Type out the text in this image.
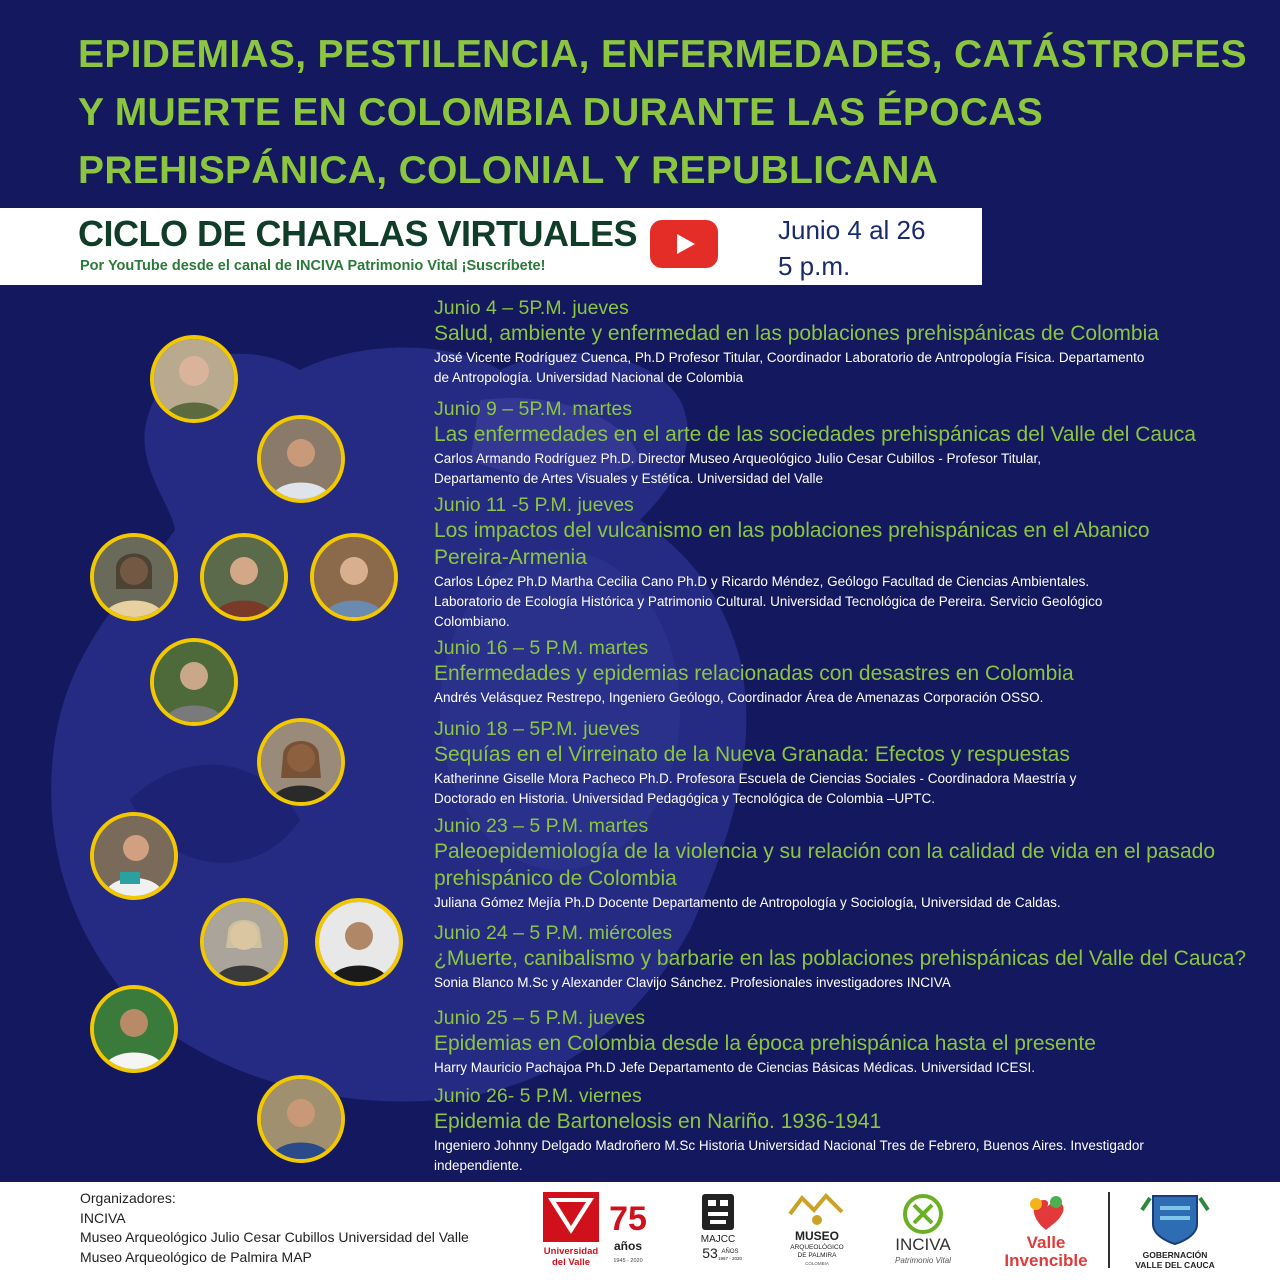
EPIDEMIAS, PESTILENCIA, ENFERMEDADES, CATÁSTROFES
Y MUERTE EN COLOMBIA DURANTE LAS ÉPOCAS
PREHISPÁNICA, COLONIAL Y REPUBLICANA
CICLO DE CHARLAS VIRTUALES
Por YouTube desde el canal de INCIVA Patrimonio Vital ¡Suscríbete!
Junio 4 al 26
5 p.m.
Junio 4 – 5P.M. jueves
Salud, ambiente y enfermedad en las poblaciones prehispánicas de Colombia
José Vicente Rodríguez Cuenca, Ph.D Profesor Titular, Coordinador Laboratorio de Antropología Física. Departamento de Antropología. Universidad Nacional de Colombia
Junio 9 – 5P.M. martes
Las enfermedades en el arte de las sociedades prehispánicas del Valle del Cauca
Carlos Armando Rodríguez Ph.D. Director Museo Arqueológico Julio Cesar Cubillos - Profesor Titular, Departamento de Artes Visuales y Estética. Universidad del Valle
Junio 11 -5 P.M. jueves
Los impactos del vulcanismo en las poblaciones prehispánicas en el Abanico Pereira-Armenia
Carlos López Ph.D Martha Cecilia Cano Ph.D y Ricardo Méndez, Geólogo Facultad de Ciencias Ambientales. Laboratorio de Ecología Histórica y Patrimonio Cultural. Universidad Tecnológica de Pereira. Servicio Geológico Colombiano.
Junio 16 – 5 P.M. martes
Enfermedades y epidemias relacionadas con desastres en Colombia
Andrés Velásquez Restrepo, Ingeniero Geólogo, Coordinador Área de Amenazas Corporación OSSO.
Junio 18 – 5P.M. jueves
Sequías en el Virreinato de la Nueva Granada: Efectos y respuestas
Katherinne Giselle Mora Pacheco Ph.D. Profesora Escuela de Ciencias Sociales - Coordinadora Maestría y Doctorado en Historia. Universidad Pedagógica y Tecnológica de Colombia –UPTC.
Junio 23 – 5 P.M. martes
Paleoepidemiología de la violencia y su relación con la calidad de vida en el pasado prehispánico de Colombia
Juliana Gómez Mejía Ph.D Docente Departamento de Antropología y Sociología, Universidad de Caldas.
Junio 24 – 5 P.M. miércoles
¿Muerte, canibalismo y barbarie en las poblaciones prehispánicas del Valle del Cauca?
Sonia Blanco M.Sc y Alexander Clavijo Sánchez. Profesionales investigadores INCIVA
Junio 25 – 5 P.M. jueves
Epidemias en Colombia desde la época prehispánica hasta el presente
Harry Mauricio Pachajoa Ph.D Jefe Departamento de Ciencias Básicas Médicas. Universidad ICESI.
Junio 26- 5 P.M. viernes
Epidemia de Bartonelosis en Nariño. 1936-1941
Ingeniero Johnny Delgado Madroñero M.Sc Historia Universidad Nacional Tres de Febrero, Buenos Aires. Investigador independiente.
Organizadores:
INCIVA
Museo Arqueológico Julio Cesar Cubillos Universidad del Valle
Museo Arqueológico de Palmira MAP	Universidad
del Valle
75
años
1945 - 2020
MAJCC
53 AÑOS
1967 - 2020
MUSEO
ARQUEOLÓGICO
DE PALMIRA
COLOMBIA
INCIVA
Patrimonio Vital
Valle
Invencible	GOBERNACIÓN
VALLE DEL CAUCA
